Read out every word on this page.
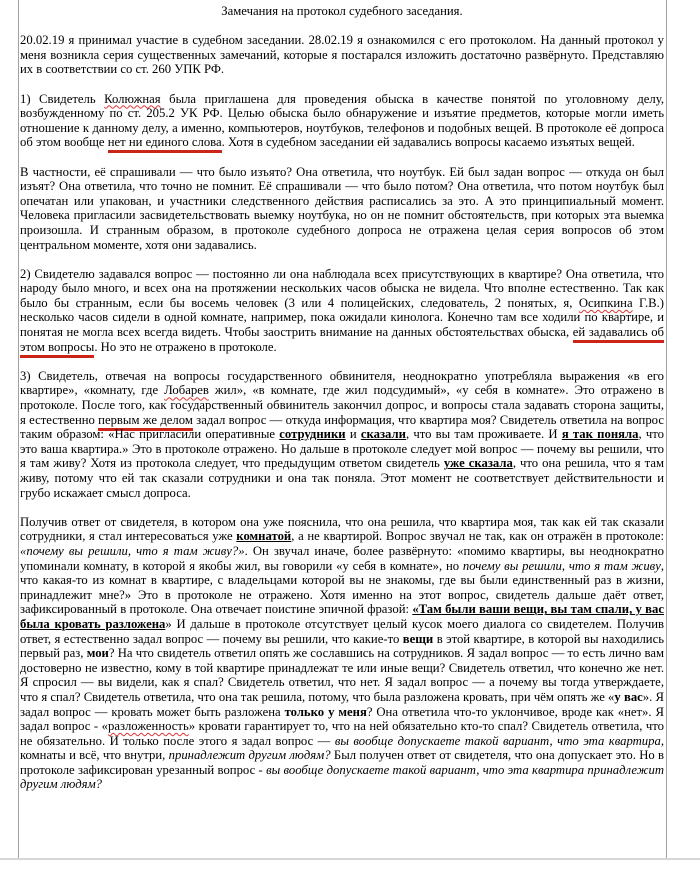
Замечания на протокол судебного заседания.

20.02.19 я принимал участие в судебном заседании. 28.02.19 я ознакомился с его протоколом. На данный протокол у меня возникла серия существенных замечаний, которые я постарался изложить достаточно развёрнуто. Представляю их в соответствии со ст. 260 УПК РФ.

1) Свидетель Колюжная была приглашена для проведения обыска в качестве понятой по уголовному делу, возбужденному по ст. 205.2 УК РФ. Целью обыска было обнаружение и изъятие предметов, которые могли иметь отношение к данному делу, а именно, компьютеров, ноутбуков, телефонов и подобных вещей. В протоколе её допроса об этом вообще нет ни единого слова. Хотя в судебном заседании ей задавались вопросы касаемо изъятых вещей.

В частности, её спрашивали — что было изъято? Она ответила, что ноутбук. Ей был задан вопрос — откуда он был изъят? Она ответила, что точно не помнит. Её спрашивали — что было потом? Она ответила, что потом ноутбук был опечатан или упакован, и участники следственного действия расписались за это. А это принципиальный момент. Человека пригласили засвидетельствовать выемку ноутбука, но он не помнит обстоятельств, при которых эта выемка произошла. И странным образом, в протоколе судебного допроса не отражена целая серия вопросов об этом центральном моменте, хотя они задавались.

2) Свидетелю задавался вопрос — постоянно ли она наблюдала всех присутствующих в квартире? Она ответила, что народу было много, и всех она на протяжении нескольких часов обыска не видела. Что вполне естественно. Так как было бы странным, если бы восемь человек (3 или 4 полицейских, следователь, 2 понятых, я, Осипкина Г.В.) несколько часов сидели в одной комнате, например, пока ожидали кинолога. Конечно там все ходили по квартире, и понятая не могла всех всегда видеть. Чтобы заострить внимание на данных обстоятельствах обыска, ей задавались об этом вопросы. Но это не отражено в протоколе.

3) Свидетель, отвечая на вопросы государственного обвинителя, неоднократно употребляла выражения «в его квартире», «комнату, где Лобарев жил», «в комнате, где жил подсудимый», «у себя в комнате». Это отражено в протоколе. После того, как государственный обвинитель закончил допрос, и вопросы стала задавать сторона защиты, я естественно первым же делом задал вопрос — откуда информация, что квартира моя? Свидетель ответила на вопрос таким образом: «Нас пригласили оперативные сотрудники и сказали, что вы там проживаете. И я так поняла, что это ваша квартира.» Это в протоколе отражено. Но дальше в протоколе следует мой вопрос — почему вы решили, что я там живу? Хотя из протокола следует, что предыдущим ответом свидетель уже сказала, что она решила, что я там живу, потому что ей так сказали сотрудники и она так поняла. Этот момент не соответствует действительности и грубо искажает смысл допроса.

Получив ответ от свидетеля, в котором она уже пояснила, что она решила, что квартира моя, так как ей так сказали сотрудники, я стал интересоваться уже комнатой, а не квартирой. Вопрос звучал не так, как он отражён в протоколе: «почему вы решили, что я там живу?». Он звучал иначе, более развёрнуто: «помимо квартиры, вы неоднократно упоминали комнату, в которой я якобы жил, вы говорили «у себя в комнате», но почему вы решили, что я там живу, что какая-то из комнат в квартире, с владельцами которой вы не знакомы, где вы были единственный раз в жизни, принадлежит мне?» Это в протоколе не отражено. Хотя именно на этот вопрос, свидетель дальше даёт ответ, зафиксированный в протоколе. Она отвечает поистине эпичной фразой: «Там были ваши вещи, вы там спали, у вас была кровать разложена» И дальше в протоколе отсутствует целый кусок моего диалога со свидетелем. Получив ответ, я естественно задал вопрос — почему вы решили, что какие-то вещи в этой квартире, в которой вы находились первый раз, мои? На что свидетель ответил опять же сославшись на сотрудников. Я задал вопрос — то есть лично вам достоверно не известно, кому в той квартире принадлежат те или иные вещи? Свидетель ответил, что конечно же нет. Я спросил — вы видели, как я спал? Свидетель ответил, что нет. Я задал вопрос — а почему вы тогда утверждаете, что я спал? Свидетель ответила, что она так решила, потому, что была разложена кровать, при чём опять же «у вас». Я задал вопрос — кровать может быть разложена только у меня? Она ответила что-то уклончивое, вроде как «нет». Я задал вопрос - «разложенность» кровати гарантирует то, что на ней обязательно кто-то спал? Свидетель ответила, что не обязательно. И только после этого я задал вопрос — вы вообще допускаете такой вариант, что эта квартира, комнаты и всё, что внутри, принадлежит другим людям? Был получен ответ от свидетеля, что она допускает это. Но в протоколе зафиксирован урезанный вопрос - вы вообще допускаете такой вариант, что эта квартира принадлежит другим людям?
